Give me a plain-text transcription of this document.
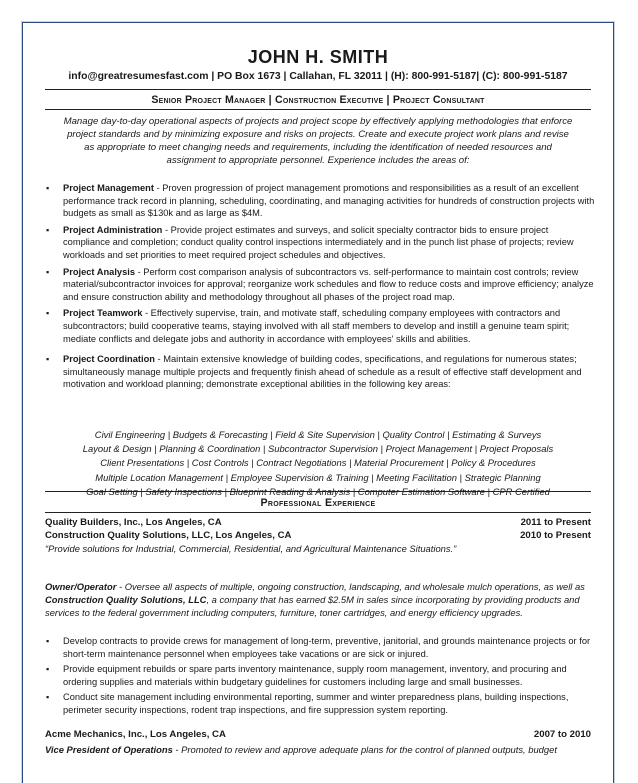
JOHN H. SMITH
info@greatresumesfast.com | PO Box 1673 | Callahan, FL 32011 | (H): 800-991-5187| (C): 800-991-5187
Senior Project Manager | Construction Executive | Project Consultant
Manage day-to-day operational aspects of projects and project scope by effectively applying methodologies that enforce project standards and by minimizing exposure and risks on projects. Create and execute project work plans and revise as appropriate to meet changing needs and requirements, including the identification of needed resources and assignment to appropriate personnel. Experience includes the areas of:
▪ Project Management - Proven progression of project management promotions and responsibilities as a result of an excellent performance track record in planning, scheduling, coordinating, and managing activities for hundreds of construction projects with budgets as small as $130k and as large as $4M.
▪ Project Administration - Provide project estimates and surveys, and solicit specialty contractor bids to ensure project compliance and completion; conduct quality control inspections intermediately and in the punch list phase of projects; review workloads and set priorities to meet required project schedules and objectives.
▪ Project Analysis - Perform cost comparison analysis of subcontractors vs. self-performance to maintain cost controls; review material/subcontractor invoices for approval; reorganize work schedules and flow to reduce costs and improve efficiency; analyze and ensure construction ability and methodology throughout all phases of the project road map.
▪ Project Teamwork - Effectively supervise, train, and motivate staff, scheduling company employees with contractors and subcontractors; build cooperative teams, staying involved with all staff members to develop and instill a genuine team spirit; mediate conflicts and delegate jobs and authority in accordance with employees' skills and abilities.
▪ Project Coordination - Maintain extensive knowledge of building codes, specifications, and regulations for numerous states; simultaneously manage multiple projects and frequently finish ahead of schedule as a result of effective staff development and motivation and workload planning; demonstrate exceptional abilities in the following key areas:
Civil Engineering | Budgets & Forecasting | Field & Site Supervision | Quality Control | Estimating & Surveys
Layout & Design | Planning & Coordination | Subcontractor Supervision | Project Management | Project Proposals
Client Presentations | Cost Controls | Contract Negotiations | Material Procurement | Policy & Procedures
Multiple Location Management | Employee Supervision & Training | Meeting Facilitation | Strategic Planning
Goal Setting | Safety Inspections | Blueprint Reading & Analysis | Computer Estimation Software | CPR Certified
Professional Experience
Quality Builders, Inc., Los Angeles, CA	2011 to Present
Construction Quality Solutions, LLC, Los Angeles, CA	2010 to Present
“Provide solutions for Industrial, Commercial, Residential, and Agricultural Maintenance Situations.”
Owner/Operator - Oversee all aspects of multiple, ongoing construction, landscaping, and wholesale mulch operations, as well as Construction Quality Solutions, LLC, a company that has earned $2.5M in sales since incorporating by providing products and services to the federal government including computers, furniture, toner cartridges, and energy efficiency upgrades.
▪ Develop contracts to provide crews for management of long-term, preventive, janitorial, and grounds maintenance projects or for short-term maintenance personnel when employees take vacations or are sick or injured.
▪ Provide equipment rebuilds or spare parts inventory maintenance, supply room management, inventory, and procuring and ordering supplies and materials within budgetary guidelines for customers including large and small businesses.
▪ Conduct site management including environmental reporting, summer and winter preparedness plans, building inspections, perimeter security inspections, rodent trap inspections, and fire suppression system reporting.
Acme Mechanics, Inc., Los Angeles, CA	2007 to 2010
Vice President of Operations - Promoted to review and approve adequate plans for the control of planned outputs, budget
